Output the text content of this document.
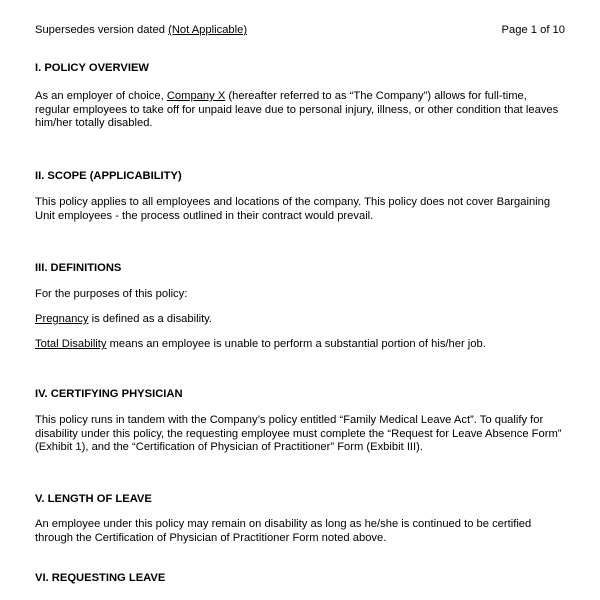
Supersedes version dated (Not Applicable)	Page 1 of 10
I. POLICY OVERVIEW

As an employer of choice, Company X (hereafter referred to as “The Company”) allows for full-time, regular employees to take off for unpaid leave due to personal injury, illness, or other condition that leaves him/her totally disabled.

II. SCOPE (APPLICABILITY)

This policy applies to all employees and locations of the company. This policy does not cover Bargaining Unit employees - the process outlined in their contract would prevail.

III. DEFINITIONS

For the purposes of this policy:

Pregnancy is defined as a disability.

Total Disability means an employee is unable to perform a substantial portion of his/her job.

IV. CERTIFYING PHYSICIAN

This policy runs in tandem with the Company’s policy entitled “Family Medical Leave Act”. To qualify for disability under this policy, the requesting employee must complete the “Request for Leave Absence Form” (Exhibit 1), and the “Certification of Physician of Practitioner” Form (Exbibit III).

V. LENGTH OF LEAVE

An employee under this policy may remain on disability as long as he/she is continued to be certified through the Certification of Physician of Practitioner Form noted above.

VI. REQUESTING LEAVE
